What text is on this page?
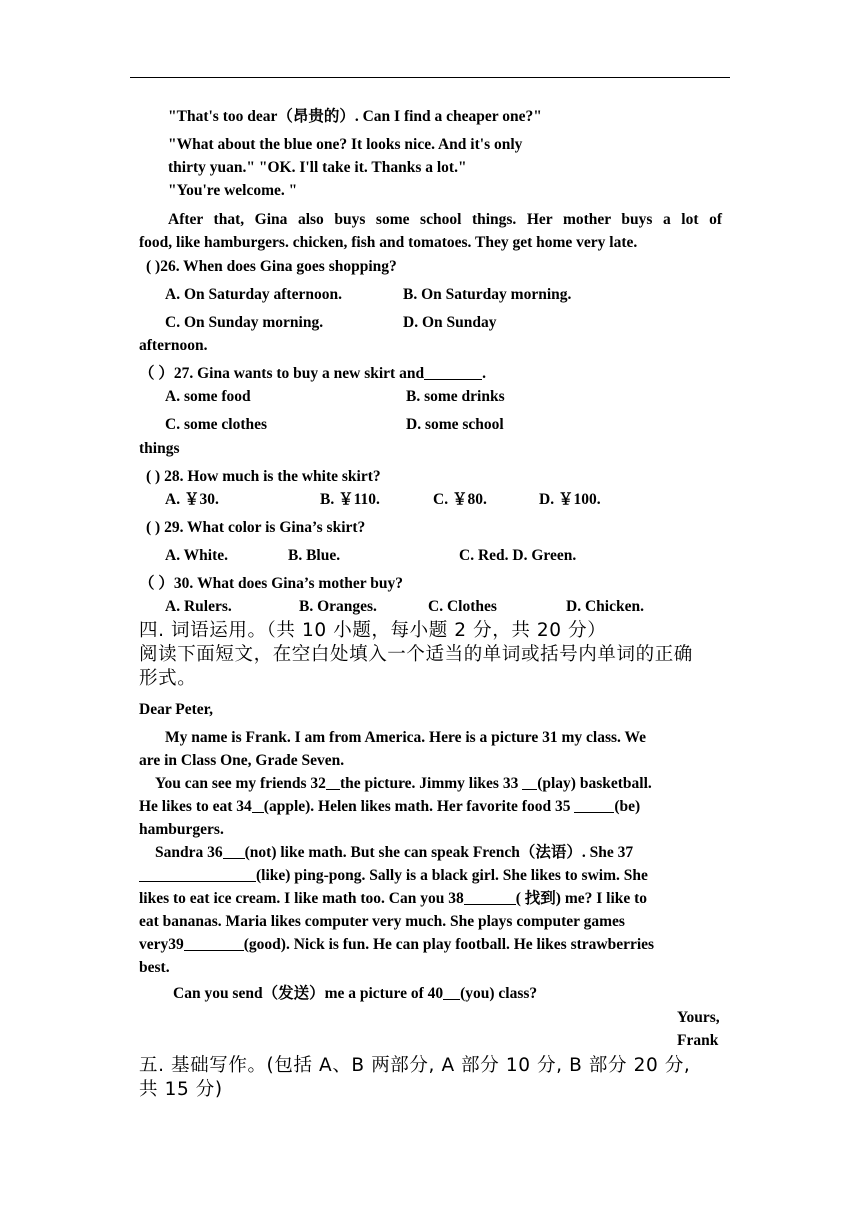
"That's too dear（昂贵的）. Can I find a cheaper one?"
"What about the blue one? It looks nice. And it's only
thirty yuan." "OK. I'll take it. Thanks a lot."
"You're welcome. "
After that, Gina also buys some school things. Her mother buys a lot of
food, like hamburgers. chicken, fish and tomatoes. They get home very late.
( )26. When does Gina goes shopping?
A. On Saturday afternoon.	B. On Saturday morning.
C. On Sunday morning.	D. On Sunday
afternoon.
（ ）27. Gina wants to buy a new skirt and	.
A. some food	B. some drinks
C. some clothes	D. some school
things
( ) 28. How much is the white skirt?
A. ￥30.	B. ￥110.	C. ￥80.	D. ￥100.
( ) 29. What color is Gina’s skirt?
A. White.	B. Blue.	C. Red. D. Green.
（ ）30. What does Gina’s mother buy?
A. Rulers.	B. Oranges.	C. Clothes	D. Chicken.
四. 词语运用。（共 10 小题，每小题 2 分，共 20 分）
阅读下面短文，在空白处填入一个适当的单词或括号内单词的正确
形式。
Dear Peter,
My name is Frank. I am from America. Here is a picture 31 my class. We
are in Class One, Grade Seven.
You can see my friends 32 the picture. Jimmy likes 33 (play) basketball.
He likes to eat 34 (apple). Helen likes math. Her favorite food 35	(be)
hamburgers.
Sandra 36 (not) like math. But she can speak French（法语）. She 37
(like) ping-pong. Sally is a black girl. She likes to swim. She
likes to eat ice cream. I like math too. Can you 38	( 找到) me? I like to
eat bananas. Maria likes computer very much. She plays computer games
very39	(good). Nick is fun. He can play football. He likes strawberries
best.
Can you send（发送）me a picture of 40 (you) class?
Yours,
Frank
五. 基础写作。(包括 A、B 两部分, A 部分 10 分, B 部分 20 分,
共 15 分)
